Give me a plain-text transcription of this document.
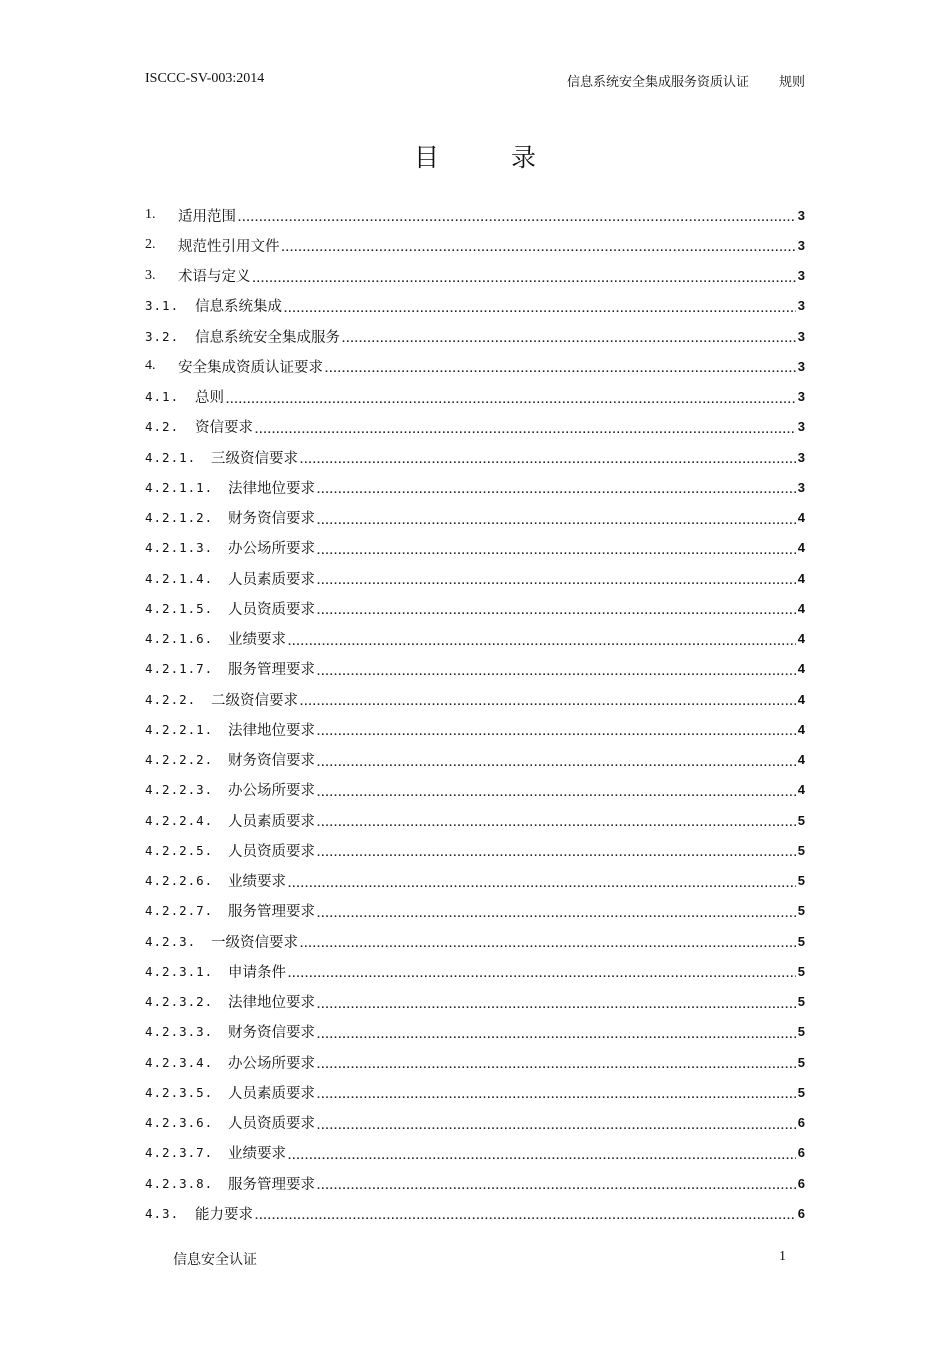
ISCCC-SV-003:2014	信息系统安全集成服务资质认证 规则
目 录
1.	适用范围 .....	3
2.	规范性引用文件 .....	3
3.	术语与定义 .....	3
3.1.	信息系统集成 .....	3
3.2.	信息系统安全集成服务 .....	3
4.	安全集成资质认证要求 .....	3
4.1.	总则 .....	3
4.2.	资信要求 .....	3
4.2.1.	三级资信要求 .....	3
4.2.1.1.	法律地位要求 .....	3
4.2.1.2.	财务资信要求 .....	4
4.2.1.3.	办公场所要求 .....	4
4.2.1.4.	人员素质要求 .....	4
4.2.1.5.	人员资质要求 .....	4
4.2.1.6.	业绩要求 .....	4
4.2.1.7.	服务管理要求 .....	4
4.2.2.	二级资信要求 .....	4
4.2.2.1.	法律地位要求 .....	4
4.2.2.2.	财务资信要求 .....	4
4.2.2.3.	办公场所要求 .....	4
4.2.2.4.	人员素质要求 .....	5
4.2.2.5.	人员资质要求 .....	5
4.2.2.6.	业绩要求 .....	5
4.2.2.7.	服务管理要求 .....	5
4.2.3.	一级资信要求 .....	5
4.2.3.1.	申请条件 .....	5
4.2.3.2.	法律地位要求 .....	5
4.2.3.3.	财务资信要求 .....	5
4.2.3.4.	办公场所要求 .....	5
4.2.3.5.	人员素质要求 .....	5
4.2.3.6.	人员资质要求 .....	6
4.2.3.7.	业绩要求 .....	6
4.2.3.8.	服务管理要求 .....	6
4.3.	能力要求 .....	6
信息安全认证	1
